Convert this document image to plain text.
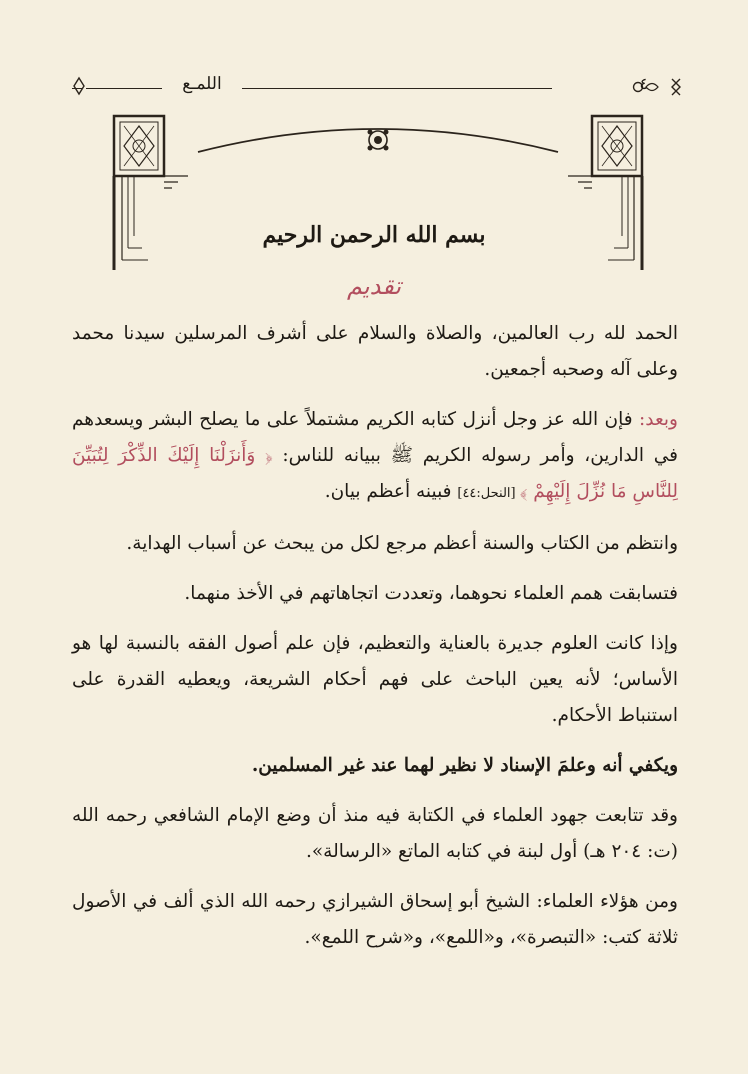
اللمـع	٤
بسم الله الرحمن الرحيم
تقديم

الحمد لله رب العالمين، والصلاة والسلام على أشرف المرسلين سيدنا محمد وعلى آله وصحبه أجمعين.

وبعد: فإن الله عز وجل أنزل كتابه الكريم مشتملاً على ما يصلح البشر ويسعدهم في الدارين، وأمر رسوله الكريم ﷺ ببيانه للناس: ﴿ وَأَنزَلْنَا إِلَيْكَ الذِّكْرَ لِتُبَيِّنَ لِلنَّاسِ مَا نُزِّلَ إِلَيْهِمْ ﴾ [النحل:٤٤] فبينه أعظم بيان.

وانتظم من الكتاب والسنة أعظم مرجع لكل من يبحث عن أسباب الهداية.

فتسابقت همم العلماء نحوهما، وتعددت اتجاهاتهم في الأخذ منهما.

وإذا كانت العلوم جديرة بالعناية والتعظيم، فإن علم أصول الفقه بالنسبة لها هو الأساس؛ لأنه يعين الباحث على فهم أحكام الشريعة، ويعطيه القدرة على استنباط الأحكام.

ويكفي أنه وعلمَ الإسناد لا نظير لهما عند غير المسلمين.

وقد تتابعت جهود العلماء في الكتابة فيه منذ أن وضع الإمام الشافعي رحمه الله (ت: ٢٠٤ هـ) أول لبنة في كتابه الماتع «الرسالة».

ومن هؤلاء العلماء: الشيخ أبو إسحاق الشيرازي رحمه الله الذي ألف في الأصول ثلاثة كتب: «التبصرة»، و«اللمع»، و«شرح اللمع».
